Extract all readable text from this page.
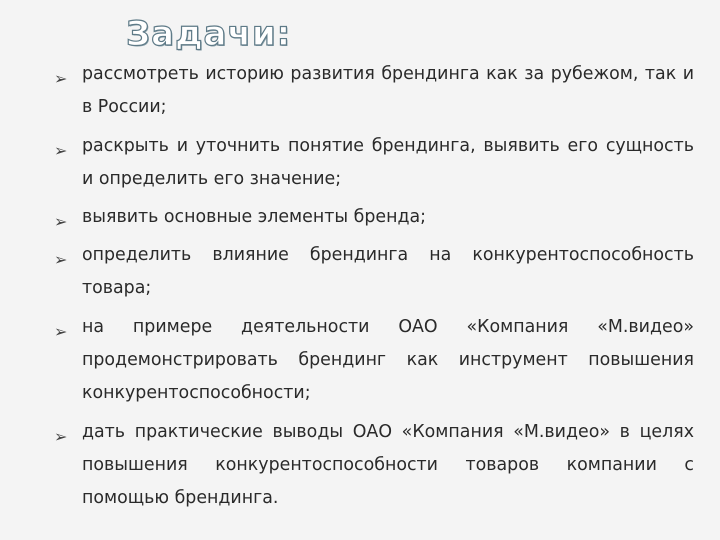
Задачи:
➢ рассмотреть историю развития брендинга как за рубежом, так и в России;
➢ раскрыть и уточнить понятие брендинга, выявить его сущность и определить его значение;
➢ выявить основные элементы бренда;
➢ определить влияние брендинга на конкурентоспособность товара;
➢ на примере деятельности ОАО «Компания «М.видео» продемонстрировать брендинг как инструмент повышения конкурентоспособности;
➢ дать практические выводы ОАО «Компания «М.видео» в целях повышения конкурентоспособности товаров компании с помощью брендинга.
